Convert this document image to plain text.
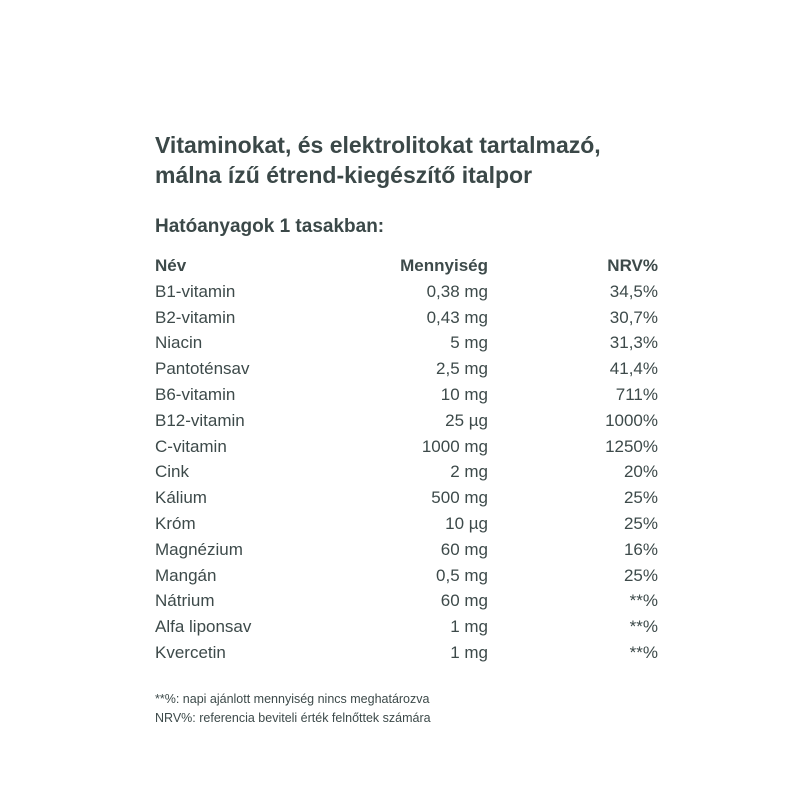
Vitaminokat, és elektrolitokat tartalmazó,
málna ízű étrend-kiegészítő italpor
Hatóanyagok 1 tasakban:
Név	Mennyiség	NRV%
B1-vitamin	0,38 mg	34,5%
B2-vitamin	0,43 mg	30,7%
Niacin	5 mg	31,3%
Pantoténsav	2,5 mg	41,4%
B6-vitamin	10 mg	711%
B12-vitamin	25 µg	1000%
C-vitamin	1000 mg	1250%
Cink	2 mg	20%
Kálium	500 mg	25%
Króm	10 µg	25%
Magnézium	60 mg	16%
Mangán	0,5 mg	25%
Nátrium	60 mg	**%
Alfa liponsav	1 mg	**%
Kvercetin	1 mg	**%
**%: napi ajánlott mennyiség nincs meghatározva
NRV%: referencia beviteli érték felnőttek számára
